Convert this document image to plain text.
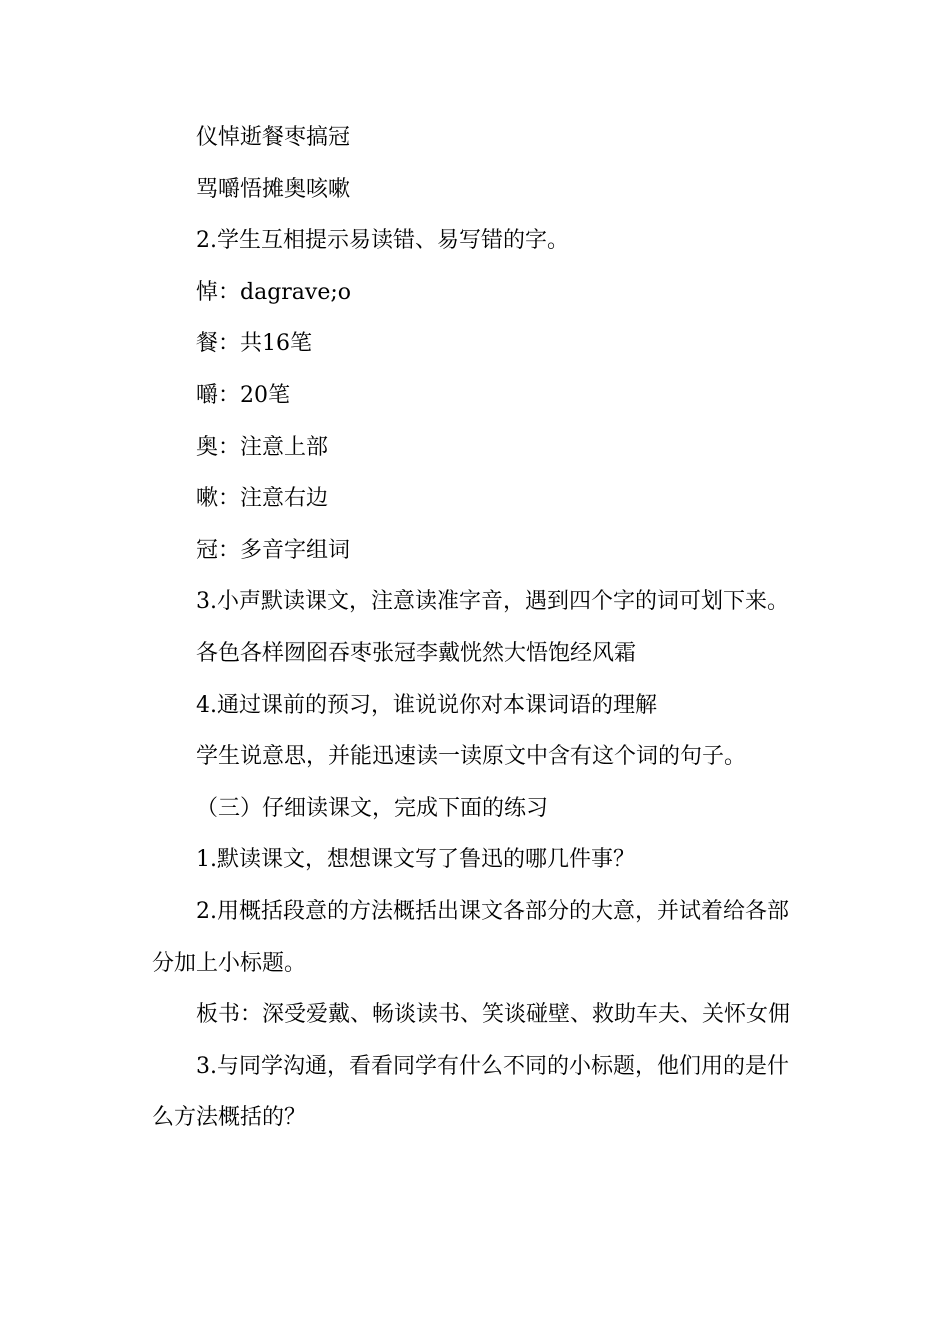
仪悼逝餐枣搞冠

骂嚼悟摊奥咳嗽

2.学生互相提示易读错、易写错的字。

悼：dagrave;o

餐：共16笔

嚼：20笔

奥：注意上部

嗽：注意右边

冠：多音字组词

3.小声默读课文，注意读准字音，遇到四个字的词可划下来。

各色各样囫囵吞枣张冠李戴恍然大悟饱经风霜

4.通过课前的预习，谁说说你对本课词语的理解

学生说意思，并能迅速读一读原文中含有这个词的句子。

（三）仔细读课文，完成下面的练习

1.默读课文，想想课文写了鲁迅的哪几件事？

2.用概括段意的方法概括出课文各部分的大意，并试着给各部分加上小标题。

板书：深受爱戴、畅谈读书、笑谈碰壁、救助车夫、关怀女佣

3.与同学沟通，看看同学有什么不同的小标题，他们用的是什么方法概括的？
